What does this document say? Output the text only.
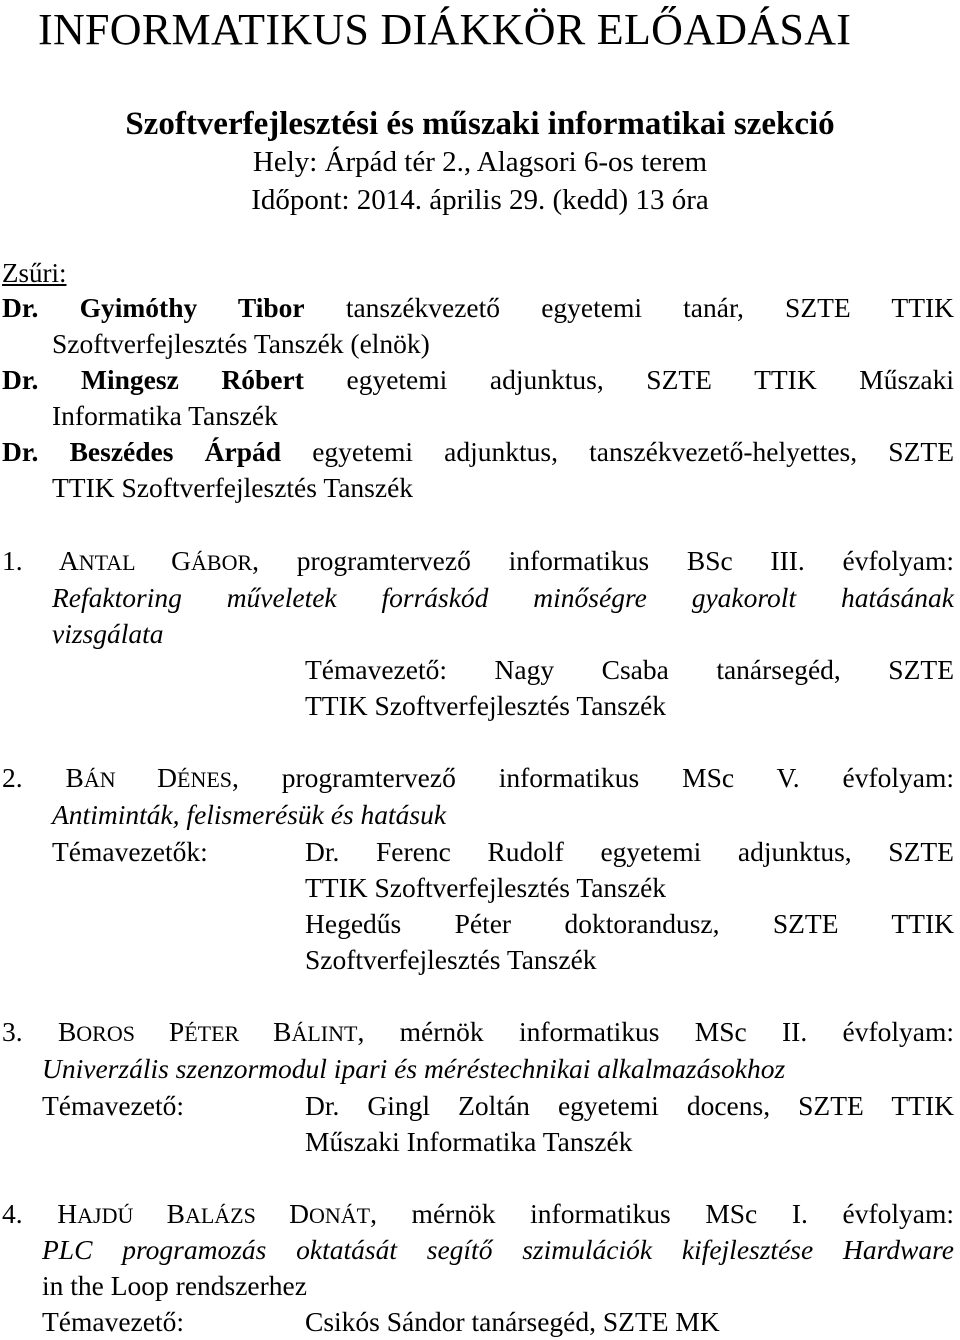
INFORMATIKUS DIÁKKÖR ELŐADÁSAI
Szoftverfejlesztési és műszaki informatikai szekció
Hely: Árpád tér 2., Alagsori 6-os terem
Időpont: 2014. április 29. (kedd) 13 óra
Zsűri:
Dr. Gyimóthy Tibor tanszékvezető egyetemi tanár, SZTE TTIK
Szoftverfejlesztés Tanszék (elnök)
Dr. Mingesz Róbert egyetemi adjunktus, SZTE TTIK Műszaki
Informatika Tanszék
Dr. Beszédes Árpád egyetemi adjunktus, tanszékvezető-helyettes, SZTE
TTIK Szoftverfejlesztés Tanszék
1. ANTAL GÁBOR, programtervező informatikus BSc III. évfolyam:
Refaktoring műveletek forráskód minőségre gyakorolt hatásának
vizsgálata
Témavezető: Nagy Csaba tanársegéd, SZTE
TTIK Szoftverfejlesztés Tanszék
2. BÁN DÉNES, programtervező informatikus MSc V. évfolyam:
Antiminták, felismerésük és hatásuk
Témavezetők:	Dr. Ferenc Rudolf egyetemi adjunktus, SZTE
TTIK Szoftverfejlesztés Tanszék
Hegedűs Péter doktorandusz, SZTE TTIK
Szoftverfejlesztés Tanszék
3. BOROS PÉTER BÁLINT, mérnök informatikus MSc II. évfolyam:
Univerzális szenzormodul ipari és méréstechnikai alkalmazásokhoz
Témavezető:	Dr. Gingl Zoltán egyetemi docens, SZTE TTIK
Műszaki Informatika Tanszék
4. HAJDÚ BALÁZS DONÁT, mérnök informatikus MSc I. évfolyam:
PLC programozás oktatását segítő szimulációk kifejlesztése Hardware
in the Loop rendszerhez
Témavezető:	Csikós Sándor tanársegéd, SZTE MK
